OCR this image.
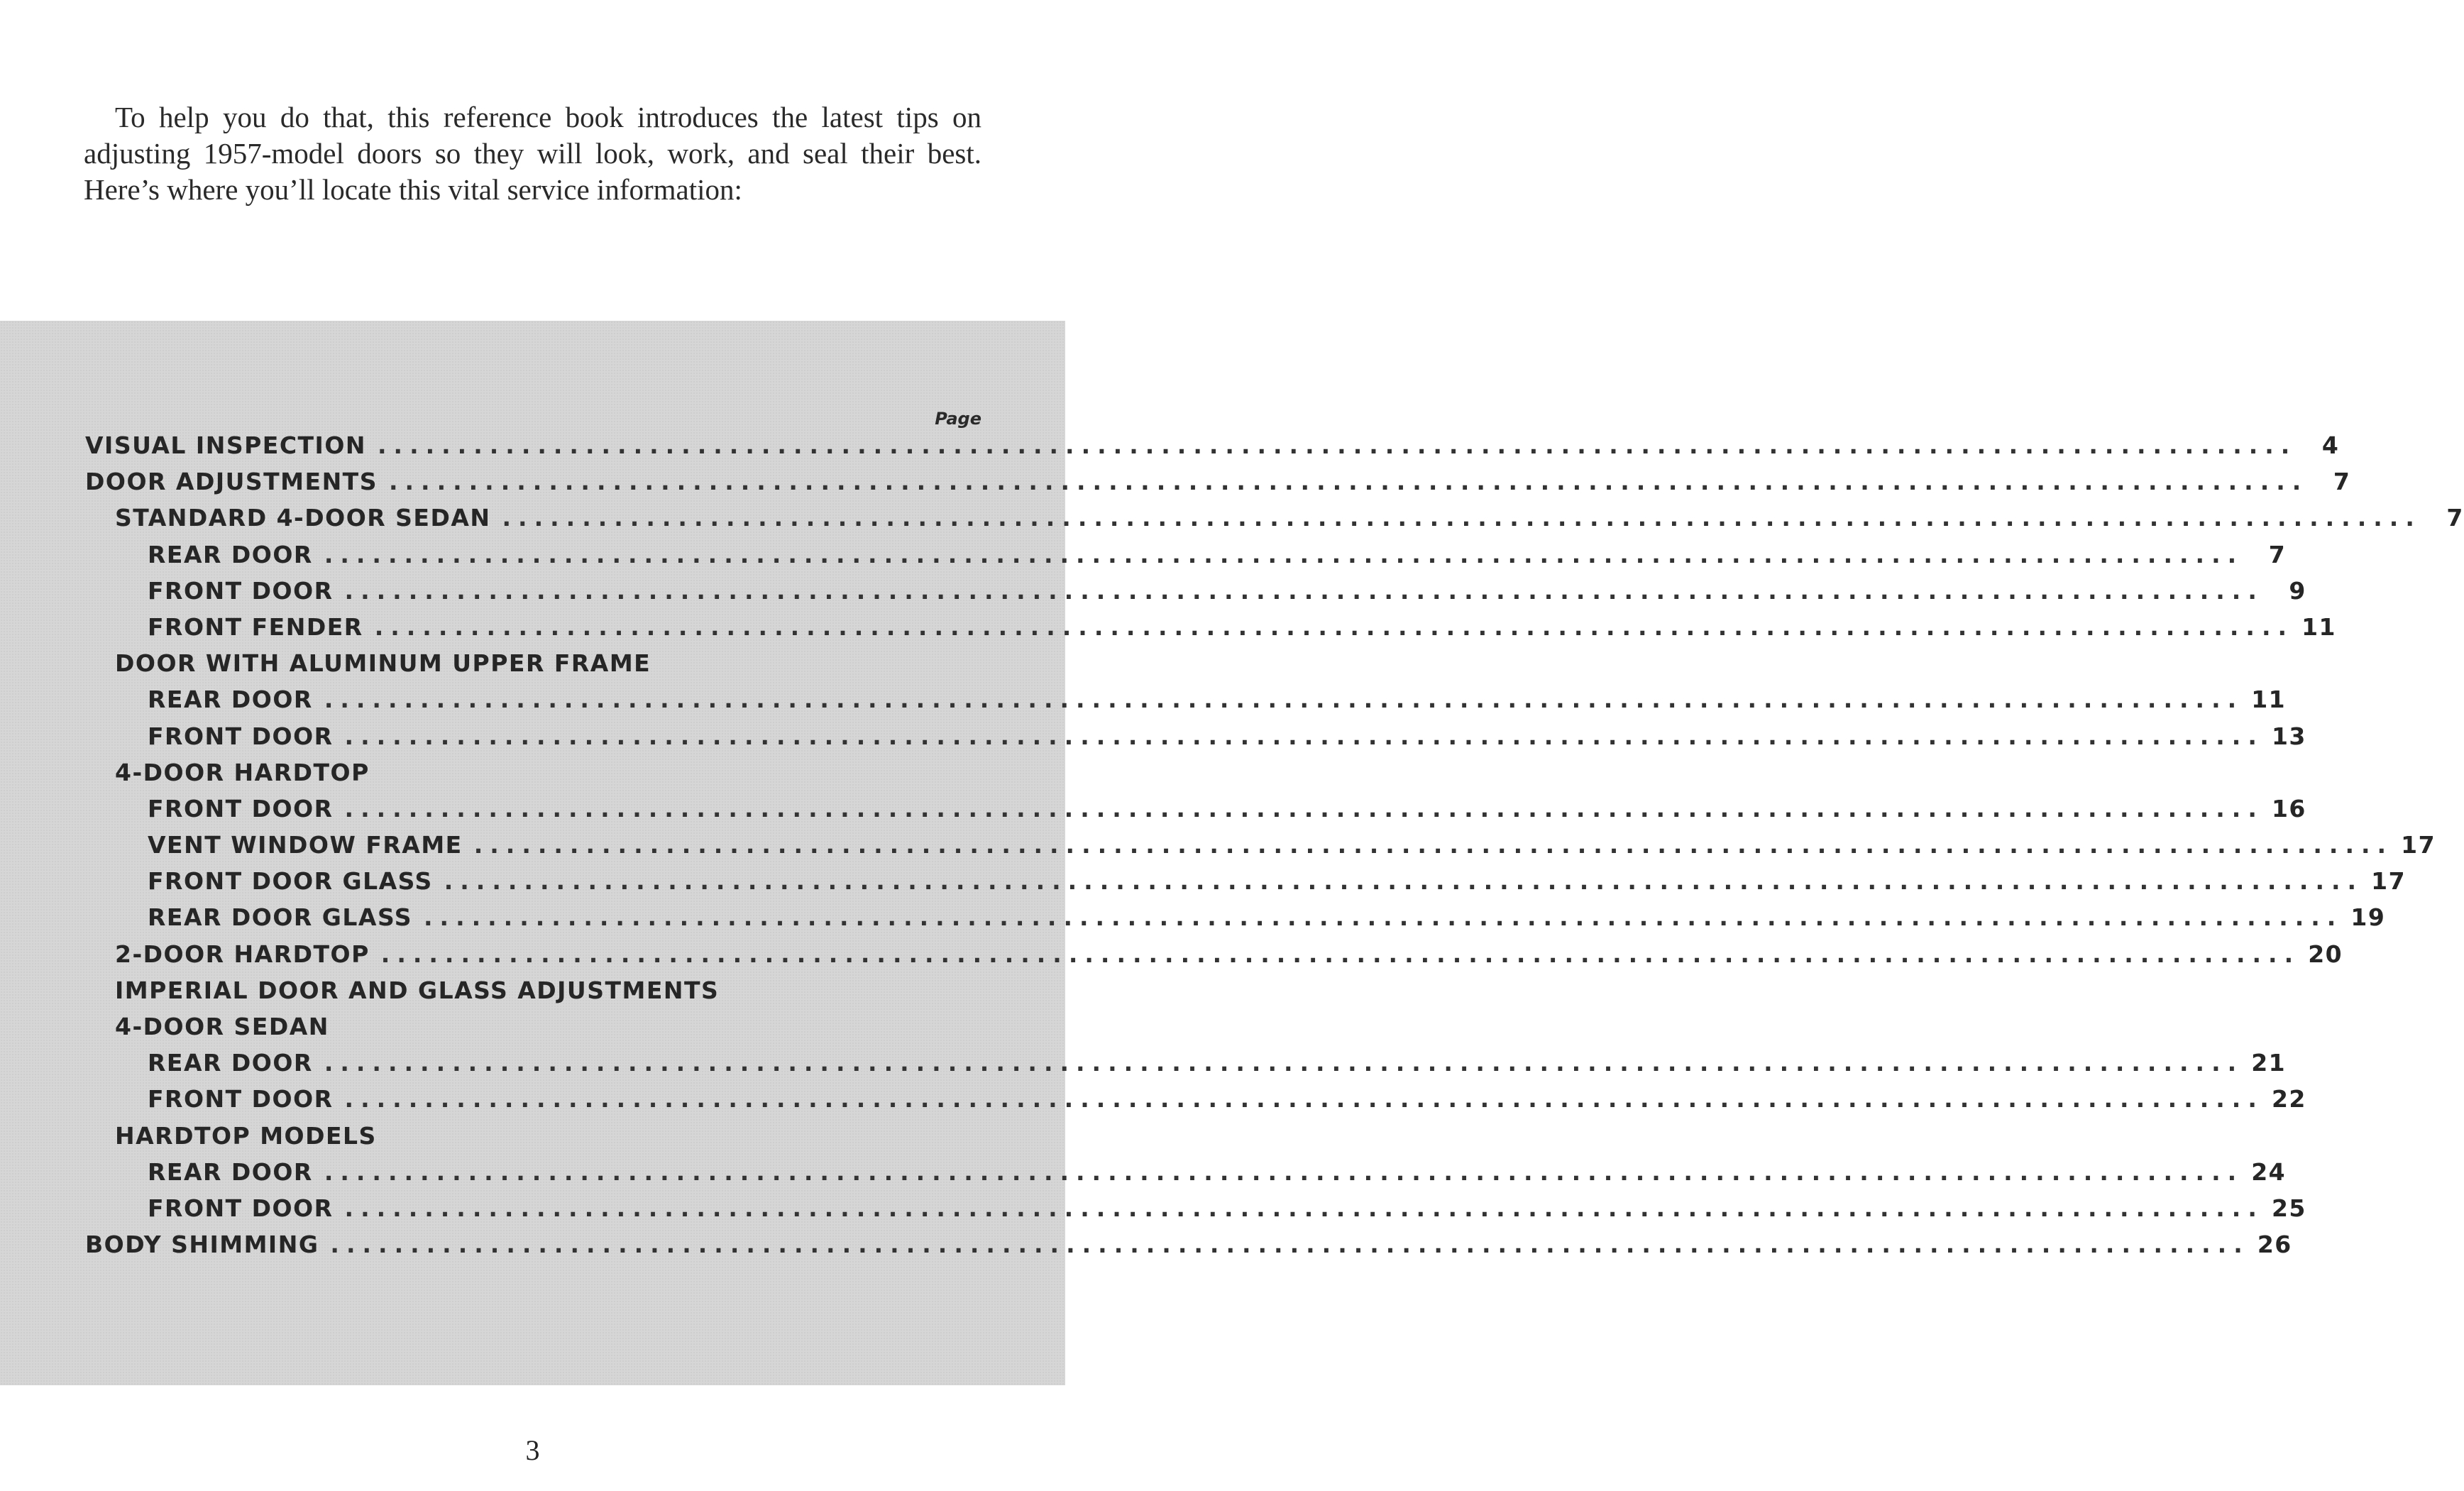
To help you do that, this reference book introduces the latest tips on adjusting 1957-model doors so they will look, work, and seal their best. Here’s where you’ll locate this vital service information:

Page
VISUAL INSPECTION ........................................................................................................................	4
DOOR ADJUSTMENTS ........................................................................................................................	7
STANDARD 4-DOOR SEDAN ........................................................................................................................	7
REAR DOOR ........................................................................................................................	7
FRONT DOOR ........................................................................................................................	9
FRONT FENDER ........................................................................................................................ 11
DOOR WITH ALUMINUM UPPER FRAME
REAR DOOR ........................................................................................................................ 11
FRONT DOOR ........................................................................................................................ 13
4-DOOR HARDTOP
FRONT DOOR ........................................................................................................................ 16
VENT WINDOW FRAME ........................................................................................................................ 17
FRONT DOOR GLASS ........................................................................................................................ 17
REAR DOOR GLASS ........................................................................................................................ 19
2-DOOR HARDTOP ........................................................................................................................ 20
IMPERIAL DOOR AND GLASS ADJUSTMENTS
4-DOOR SEDAN
REAR DOOR ........................................................................................................................ 21
FRONT DOOR ........................................................................................................................ 22
HARDTOP MODELS
REAR DOOR ........................................................................................................................ 24
FRONT DOOR ........................................................................................................................ 25
BODY SHIMMING ........................................................................................................................ 26
3
